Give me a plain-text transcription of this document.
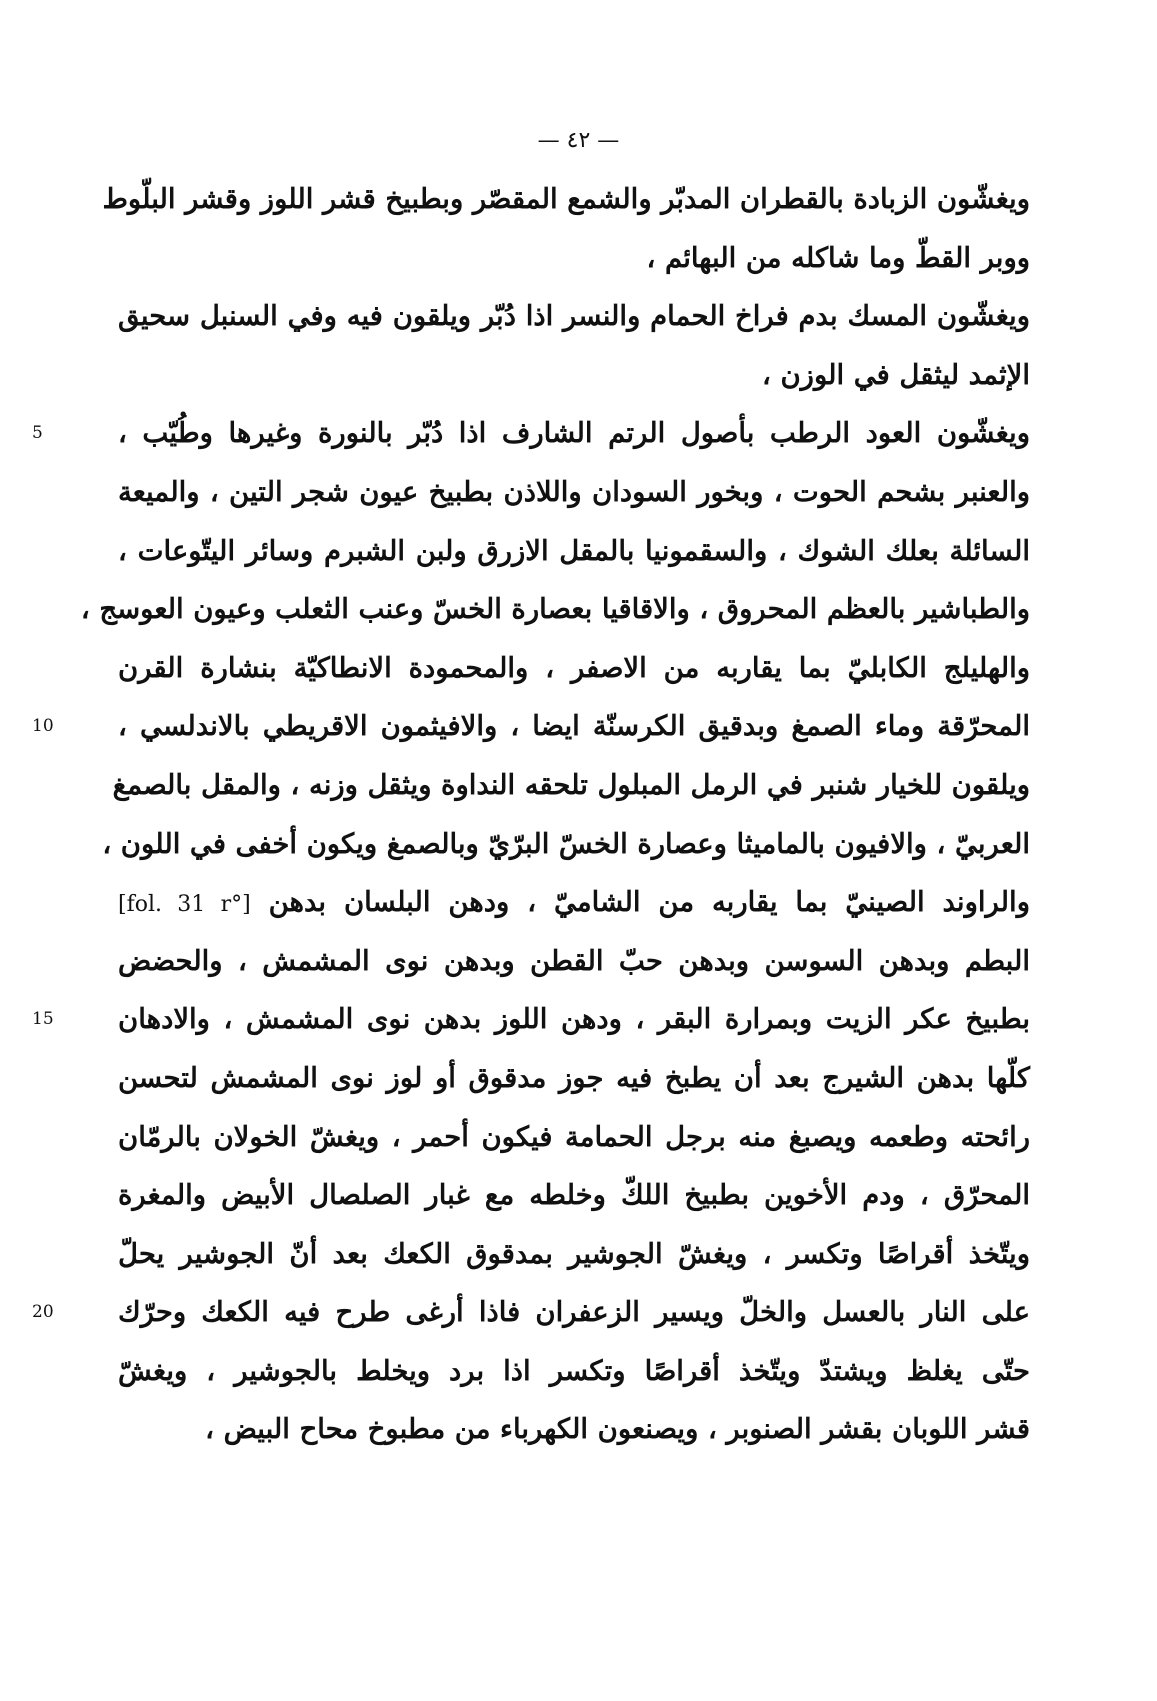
— ٤٢ —
ويغشّون الزبادة بالقطران المدبّر والشمع المقصّر وبطبيخ قشر اللوز وقشر البلّوط
ووبر القطّ وما شاكله من البهائم ،
ويغشّون المسك بدم فراخ الحمام والنسر اذا دُبّر ويلقون فيه وفي السنبل سحيق
الإثمد ليثقل في الوزن ،
ويغشّون العود الرطب بأصول الرتم الشارف اذا دُبّر بالنورة وغيرها وطُيّب ،
5
والعنبر بشحم الحوت ، وبخور السودان واللاذن بطبيخ عيون شجر التين ، والميعة
السائلة بعلك الشوك ، والسقمونيا بالمقل الازرق ولبن الشبرم وسائر اليتّوعات ،
والطباشير بالعظم المحروق ، والاقاقيا بعصارة الخسّ وعنب الثعلب وعيون العوسج ،
والهليلج الكابليّ بما يقاربه من الاصفر ، والمحمودة الانطاكيّة بنشارة القرن
المحرّقة وماء الصمغ وبدقيق الكرسنّة ايضا ، والافيثمون الاقريطي بالاندلسي ،
10
ويلقون للخيار شنبر في الرمل المبلول تلحقه النداوة ويثقل وزنه ، والمقل بالصمغ
العربيّ ، والافيون بالماميثا وعصارة الخسّ البرّيّ وبالصمغ ويكون أخفى في اللون ،
والراوند الصينيّ بما يقاربه من الشاميّ ، ودهن البلسان بدهن [fol. 31 r°]
البطم وبدهن السوسن وبدهن حبّ القطن وبدهن نوى المشمش ، والحضض
بطبيخ عكر الزيت وبمرارة البقر ، ودهن اللوز بدهن نوى المشمش ، والادهان
15
كلّها بدهن الشيرج بعد أن يطبخ فيه جوز مدقوق أو لوز نوى المشمش لتحسن
رائحته وطعمه ويصبغ منه برجل الحمامة فيكون أحمر ، ويغشّ الخولان بالرمّان
المحرّق ، ودم الأخوين بطبيخ اللكّ وخلطه مع غبار الصلصال الأبيض والمغرة
ويتّخذ أقراصًا وتكسر ، ويغشّ الجوشير بمدقوق الكعك بعد أنّ الجوشير يحلّ
على النار بالعسل والخلّ ويسير الزعفران فاذا أرغى طرح فيه الكعك وحرّك
20
حتّى يغلظ ويشتدّ ويتّخذ أقراصًا وتكسر اذا برد ويخلط بالجوشير ، ويغشّ
قشر اللوبان بقشر الصنوبر ، ويصنعون الكهرباء من مطبوخ محاح البيض ،
